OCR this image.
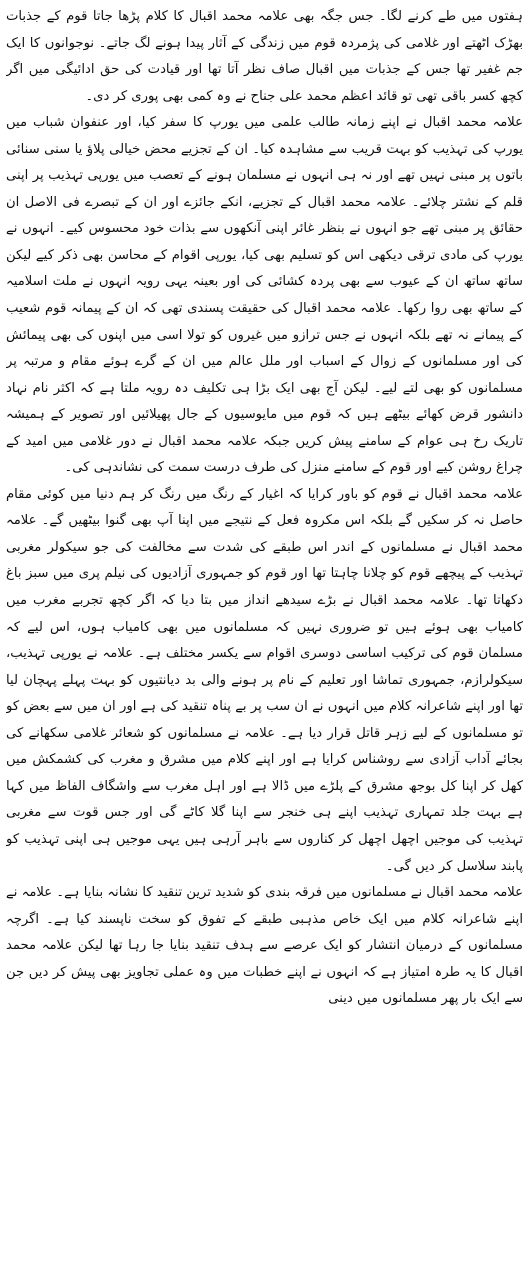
ہفتوں میں طے کرنے لگا۔ جس جگہ بھی علامہ محمد اقبال کا کلام پڑھا جاتا قوم کے جذبات بھڑک اٹھتے اور غلامی کی پژمردہ قوم میں زندگی کے آثار پیدا ہونے لگ جاتے۔ نوجوانوں کا ایک جم غفیر تھا جس کے جذبات میں اقبال صاف نظر آتا تھا اور قیادت کی حق ادائیگی میں اگر کچھ کسر باقی تھی تو قائد اعظم محمد علی جناح نے وہ کمی بھی پوری کر دی۔

علامہ محمد اقبال نے اپنے زمانہ طالب علمی میں یورپ کا سفر کیا، اور عنفوان شباب میں یورپ کی تہذیب کو بہت قریب سے مشاہدہ کیا۔ ان کے تجزیے محض خیالی پلاؤ یا سنی سنائی باتوں پر مبنی نہیں تھے اور نہ ہی انہوں نے مسلمان ہونے کے تعصب میں یورپی تہذیب پر اپنی قلم کے نشتر چلائے۔ علامہ محمد اقبال کے تجزیے، انکے جائزے اور ان کے تبصرے فی الاصل ان حقائق پر مبنی تھے جو انہوں نے بنظر غائر اپنی آنکھوں سے بذات خود محسوس کیے۔ انہوں نے یورپ کی مادی ترقی دیکھی اس کو تسلیم بھی کیا، یورپی اقوام کے محاسن بھی ذکر کیے لیکن ساتھ ساتھ ان کے عیوب سے بھی پردہ کشائی کی اور بعینہ یہی رویہ انہوں نے ملت اسلامیہ کے ساتھ بھی روا رکھا۔ علامہ محمد اقبال کی حقیقت پسندی تھی کہ ان کے پیمانہ قوم شعیب کے پیمانے نہ تھے بلکہ انہوں نے جس ترازو میں غیروں کو تولا اسی میں اپنوں کی بھی پیمائش کی اور مسلمانوں کے زوال کے اسباب اور ملل عالم میں ان کے گرے ہوئے مقام و مرتبہ پر مسلمانوں کو بھی لتے لیے۔ لیکن آج بھی ایک بڑا ہی تکلیف دہ رویہ ملتا ہے کہ اکثر نام نہاد دانشور قرض کھائے بیٹھے ہیں کہ قوم میں مایوسیوں کے جال پھیلائیں اور تصویر کے ہمیشہ تاریک رخ ہی عوام کے سامنے پیش کریں جبکہ علامہ محمد اقبال نے دور غلامی میں امید کے چراغ روشن کیے اور قوم کے سامنے منزل کی طرف درست سمت کی نشاندہی کی۔

علامہ محمد اقبال نے قوم کو باور کرایا کہ اغیار کے رنگ میں رنگ کر ہم دنیا میں کوئی مقام حاصل نہ کر سکیں گے بلکہ اس مکروہ فعل کے نتیجے میں اپنا آپ بھی گنوا بیٹھیں گے۔ علامہ محمد اقبال نے مسلمانوں کے اندر اس طبقے کی شدت سے مخالفت کی جو سیکولر مغربی تہذیب کے پیچھے قوم کو چلانا چاہتا تھا اور قوم کو جمہوری آزادیوں کی نیلم پری میں سبز باغ دکھاتا تھا۔ علامہ محمد اقبال نے بڑے سیدھے انداز میں بتا دیا کہ اگر کچھ تجربے مغرب میں کامیاب بھی ہوئے ہیں تو ضروری نہیں کہ مسلمانوں میں بھی کامیاب ہوں، اس لیے کہ مسلمان قوم کی ترکیب اساسی دوسری اقوام سے یکسر مختلف ہے۔ علامہ نے یورپی تہذیب، سیکولرازم، جمہوری تماشا اور تعلیم کے نام پر ہونے والی بد دیانتیوں کو بہت پہلے پہچان لیا تھا اور اپنے شاعرانہ کلام میں انہوں نے ان سب پر بے پناہ تنقید کی ہے اور ان میں سے بعض کو تو مسلمانوں کے لیے زہر قاتل قرار دیا ہے۔ علامہ نے مسلمانوں کو شعائر غلامی سکھانے کی بجائے آداب آزادی سے روشناس کرایا ہے اور اپنے کلام میں مشرق و مغرب کی کشمکش میں کھل کر اپنا کل بوجھ مشرق کے پلڑے میں ڈالا ہے اور اہل مغرب سے واشگاف الفاظ میں کہا ہے بہت جلد تمہاری تہذیب اپنے ہی خنجر سے اپنا گلا کاٹے گی اور جس قوت سے مغربی تہذیب کی موجیں اچھل اچھل کر کناروں سے باہر آرہی ہیں یہی موجیں ہی اپنی تہذیب کو پابند سلاسل کر دیں گی۔

علامہ محمد اقبال نے مسلمانوں میں فرقہ بندی کو شدید ترین تنقید کا نشانہ بنایا ہے۔ علامہ نے اپنے شاعرانہ کلام میں ایک خاص مذہبی طبقے کے تفوق کو سخت ناپسند کیا ہے۔ اگرچہ مسلمانوں کے درمیان انتشار کو ایک عرصے سے ہدف تنقید بنایا جا رہا تھا لیکن علامہ محمد اقبال کا یہ طرہ امتیاز ہے کہ انہوں نے اپنے خطبات میں وہ عملی تجاویز بھی پیش کر دیں جن سے ایک بار پھر مسلمانوں میں دینی
